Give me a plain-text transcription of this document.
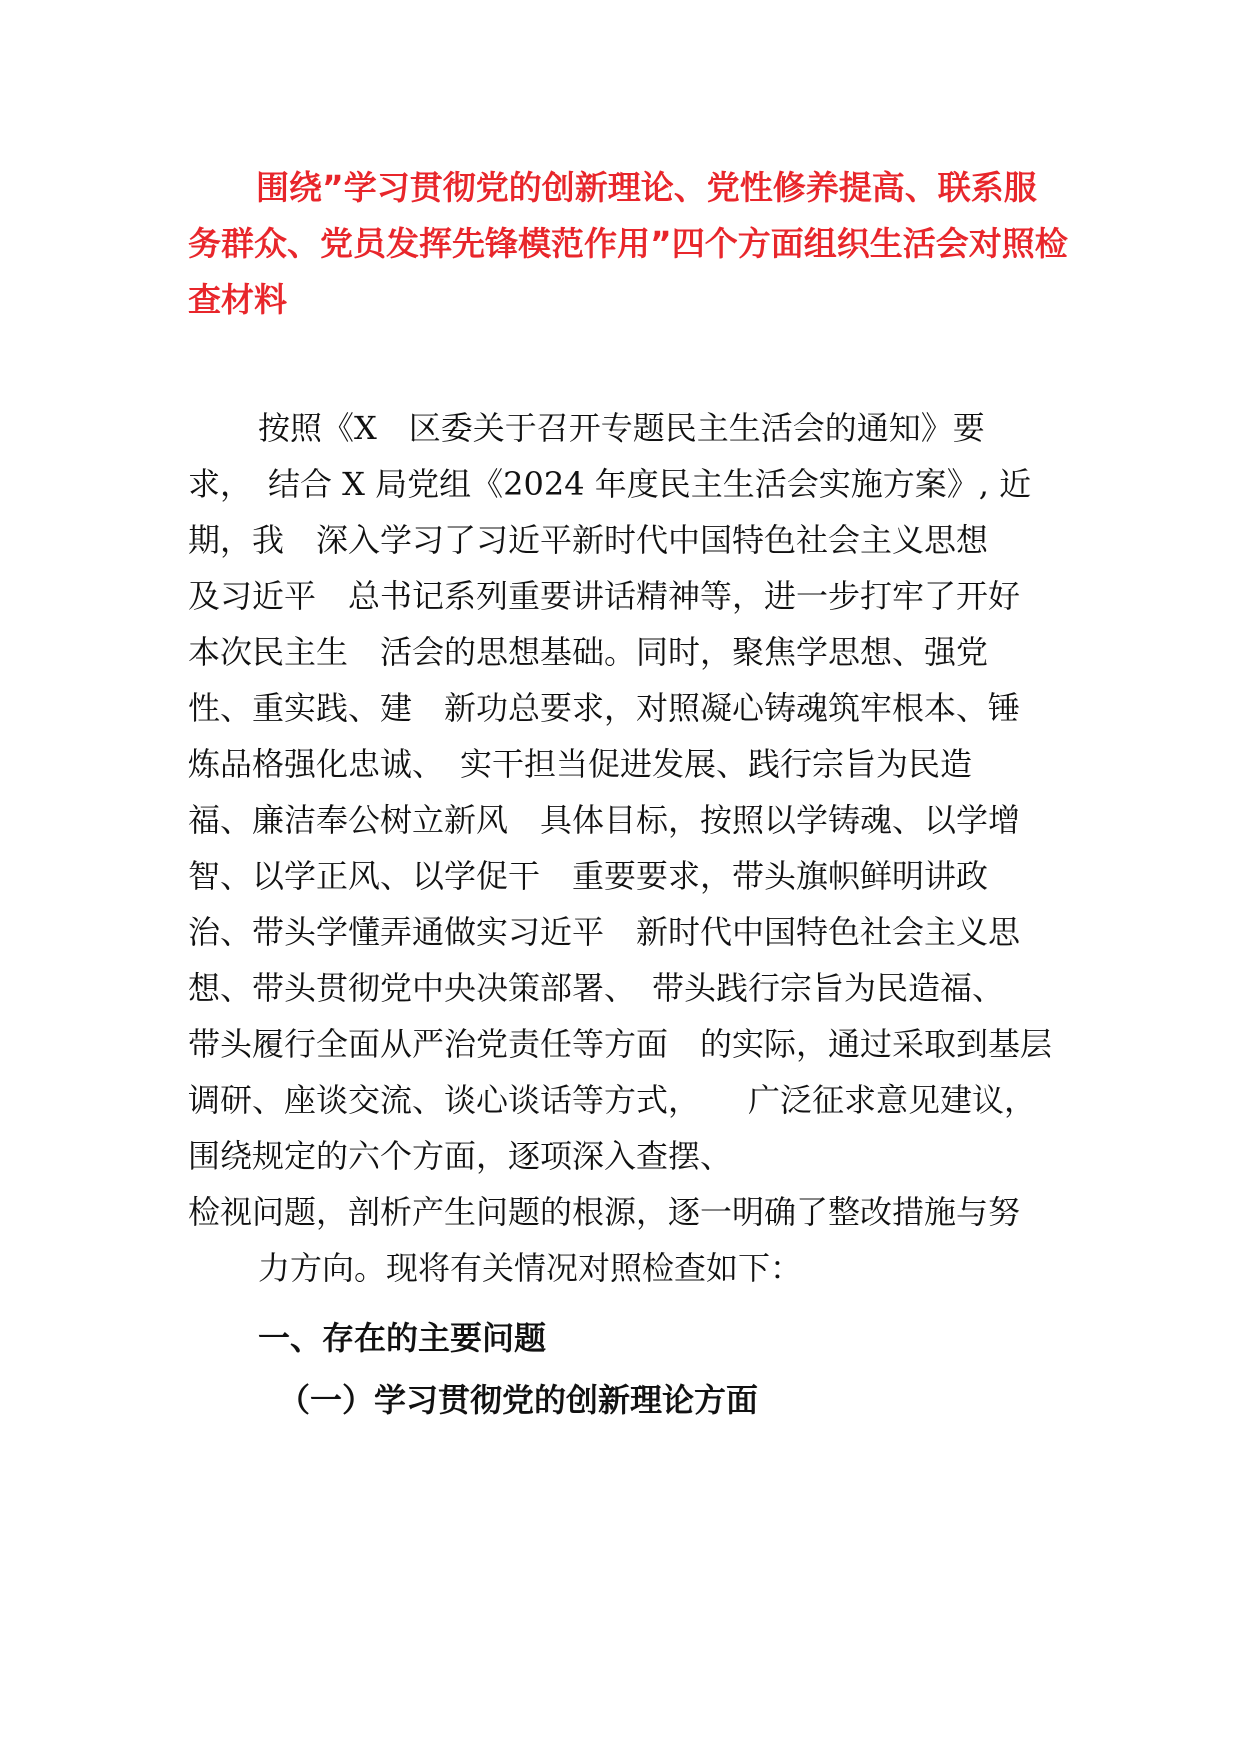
围绕”学习贯彻党的创新理论、党性修养提高、联系服务群众、党员发挥先锋模范作用”四个方面组织生活会对照检查材料
按照《X　区委关于召开专题民主生活会的通知》要
求，　结合 X 局党组《2024 年度民主生活会实施方案》, 近
期，我　深入学习了习近平新时代中国特色社会主义思想
及习近平　总书记系列重要讲话精神等，进一步打牢了开好
本次民主生　活会的思想基础。同时，聚焦学思想、强党
性、重实践、建　新功总要求，对照凝心铸魂筑牢根本、锤
炼品格强化忠诚、　实干担当促进发展、践行宗旨为民造
福、廉洁奉公树立新风　具体目标，按照以学铸魂、以学增
智、以学正风、以学促干　重要要求，带头旗帜鲜明讲政
治、带头学懂弄通做实习近平　新时代中国特色社会主义思
想、带头贯彻党中央决策部署、　带头践行宗旨为民造福、
带头履行全面从严治党责任等方面　的实际，通过采取到基层
调研、座谈交流、谈心谈话等方式，　　广泛征求意见建议，
围绕规定的六个方面，逐项深入查摆、
检视问题，剖析产生问题的根源，逐一明确了整改措施与努
力方向。现将有关情况对照检查如下：
一、存在的主要问题
（一）学习贯彻党的创新理论方面
